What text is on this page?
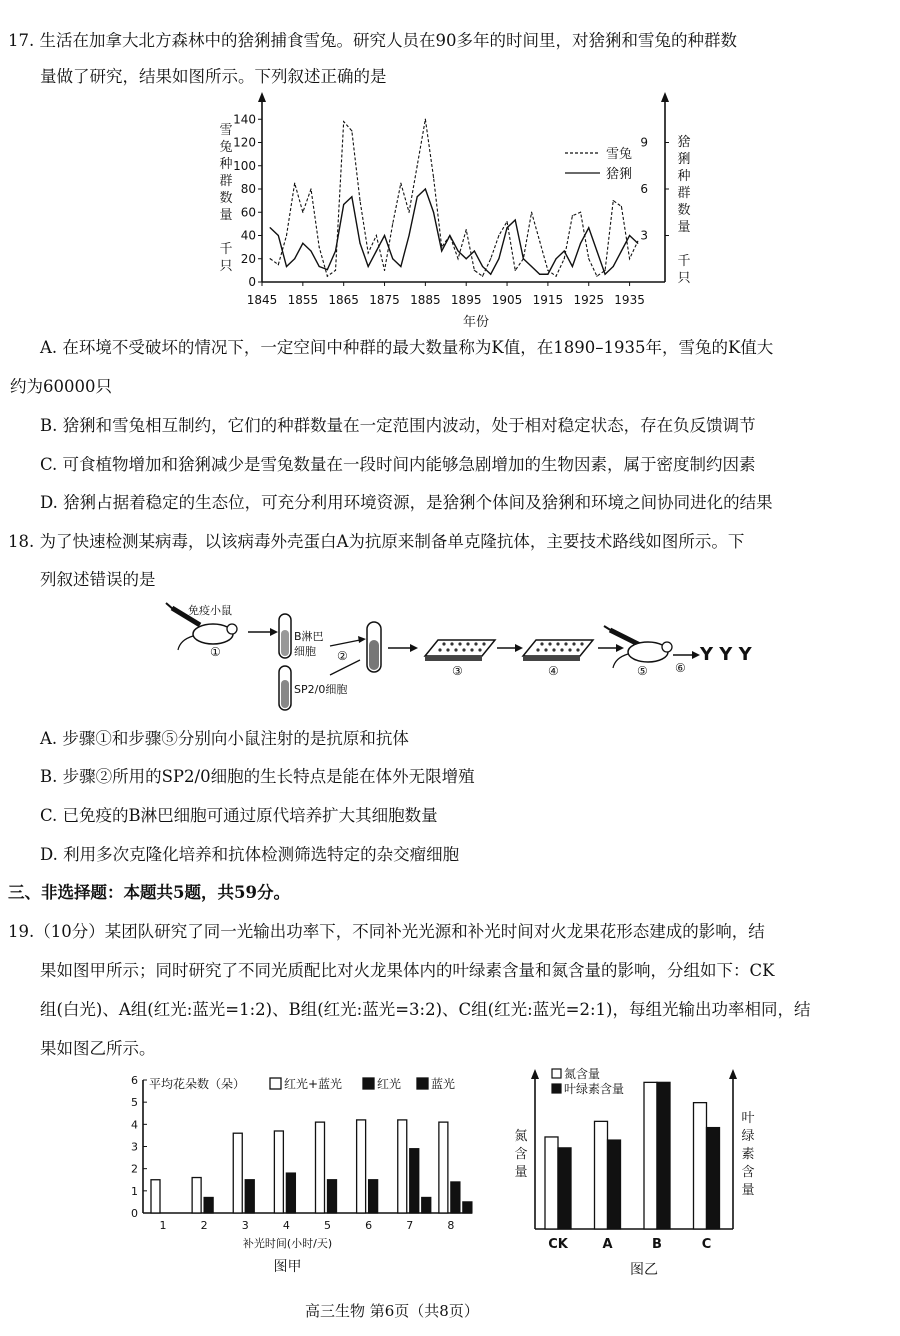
17. 生活在加拿大北方森林中的猞猁捕食雪兔。研究人员在90多年的时间里，对猞猁和雪兔的种群数
量做了研究，结果如图所示。下列叙述正确的是
0
20
40
60
80
100
120
140
3
6
9
1845 1855 1865 1875 1885 1895 1905 1915 1925 1935
年份
雪
兔
种
群
数
量
千
只
猞
猁
种
群
数
量
千
只
雪兔
猞猁
A. 在环境不受破坏的情况下，一定空间中种群的最大数量称为K值，在1890–1935年，雪兔的K值大
约为60000只
B. 猞猁和雪兔相互制约，它们的种群数量在一定范围内波动，处于相对稳定状态，存在负反馈调节
C. 可食植物增加和猞猁减少是雪兔数量在一段时间内能够急剧增加的生物因素，属于密度制约因素
D. 猞猁占据着稳定的生态位，可充分利用环境资源，是猞猁个体间及猞猁和环境之间协同进化的结果
18. 为了快速检测某病毒，以该病毒外壳蛋白A为抗原来制备单克隆抗体，主要技术路线如图所示。下
列叙述错误的是
免疫小鼠
①
B淋巴
细胞
SP2/0细胞
②
③	④	⑤ ⑥
Y Y Y
A. 步骤①和步骤⑤分别向小鼠注射的是抗原和抗体
B. 步骤②所用的SP2/0细胞的生长特点是能在体外无限增殖
C. 已免疫的B淋巴细胞可通过原代培养扩大其细胞数量
D. 利用多次克隆化培养和抗体检测筛选特定的杂交瘤细胞
三、非选择题：本题共5题，共59分。
19.（10分）某团队研究了同一光输出功率下，不同补光光源和补光时间对火龙果花形态建成的影响，结
果如图甲所示；同时研究了不同光质配比对火龙果体内的叶绿素含量和氮含量的影响，分组如下：CK
组(白光)、A组(红光:蓝光=1:2)、B组(红光:蓝光=3:2)、C组(红光:蓝光=2:1)，每组光输出功率相同，结
果如图乙所示。
0
1
2
3
4
5
6 平均花朵数（朵）
1	2	3	4	5	6	7	8
补光时间(小时/天)
图甲
红光+蓝光	红光 蓝光
氮
含
量
叶
绿
素
含
量
CK	A	B	C
图乙
氮含量
叶绿素含量
高三生物 第6页（共8页）
